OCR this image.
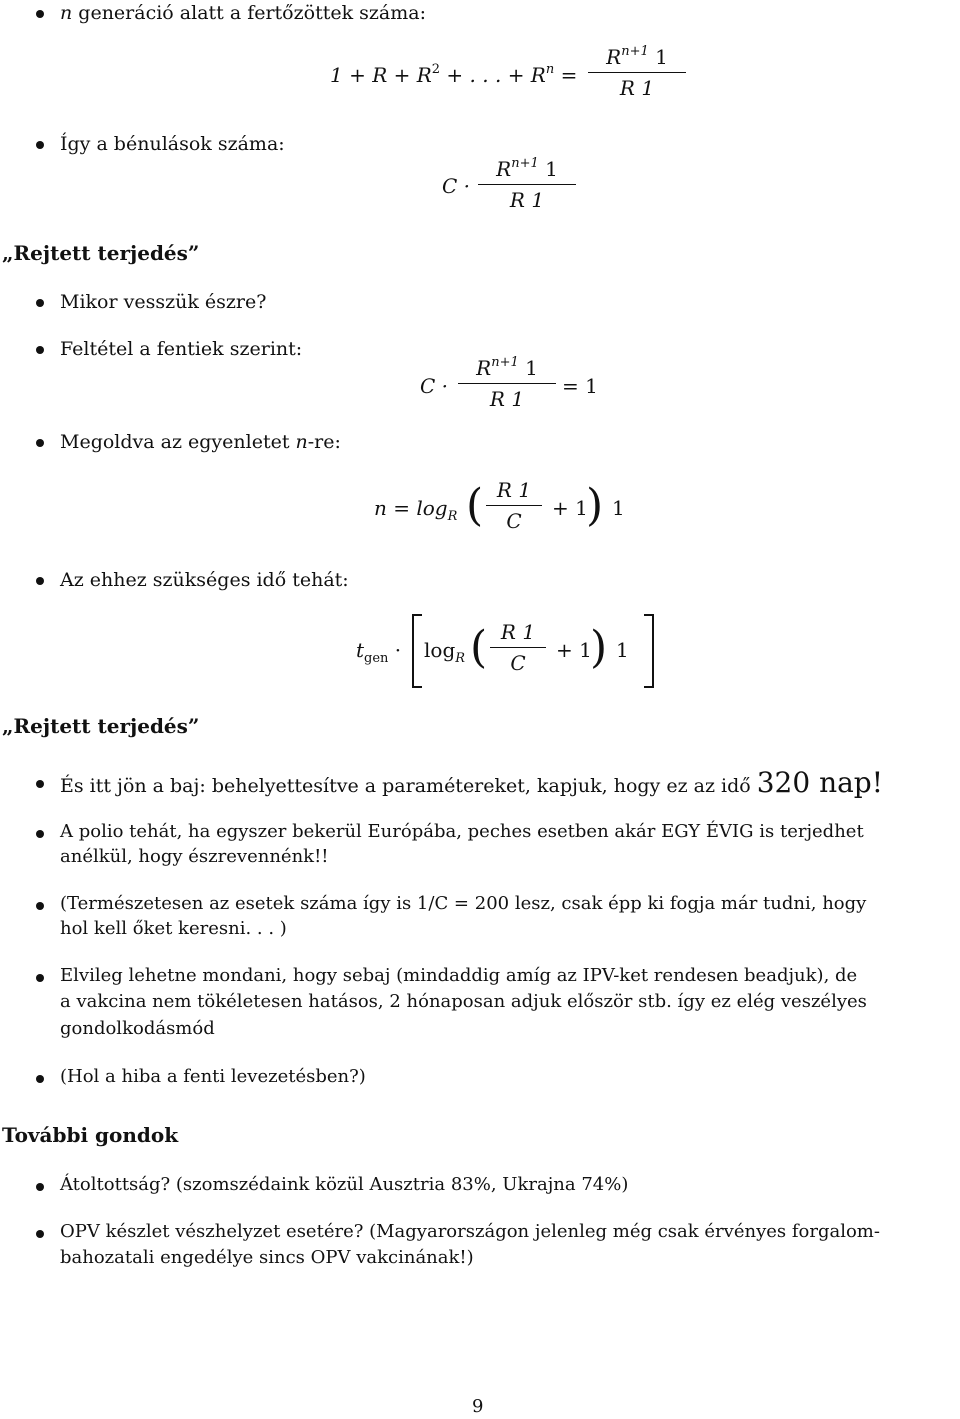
n generáció alatt a fertőzöttek száma:
$1 + R + R^2$ + . . . + $R^n$ =
$R^{n+1}$ 1
R 1
Így a bénulások száma:
C ·
$R^{n+1}$ 1
R 1
„Rejtett terjedés”
Mikor vesszük észre?
Feltétel a fentiek szerint:
C ·
$R^{n+1}$ 1
R 1
= 1
Megoldva az egyenletet n-re:
$n = \log_R$ ( R 1
C
+ 1
) 1
Az ehhez szükséges idő tehát:
$t_{gen} \cdot \log_R$ ( R 1
C
+ 1
) 1
„Rejtett terjedés”
És itt jön a baj: behelyettesítve a paramétereket, kapjuk, hogy ez az idő 320 nap!
A polio tehát, ha egyszer bekerül Európába, peches esetben akár EGY ÉVIG is terjedhet
anélkül, hogy észrevennénk!!
(Természetesen az esetek száma így is 1/C = 200 lesz, csak épp ki fogja már tudni, hogy
hol kell őket keresni. . . )
Elvileg lehetne mondani, hogy sebaj (mindaddig amíg az IPV-ket rendesen beadjuk), de
a vakcina nem tökéletesen hatásos, 2 hónaposan adjuk először stb. így ez elég veszélyes
gondolkodásmód
(Hol a hiba a fenti levezetésben?)
További gondok
Átoltottság? (szomszédaink közül Ausztria 83%, Ukrajna 74%)
OPV készlet vészhelyzet esetére? (Magyarországon jelenleg még csak érvényes forgalom-
bahozatali engedélye sincs OPV vakcinának!)
9
